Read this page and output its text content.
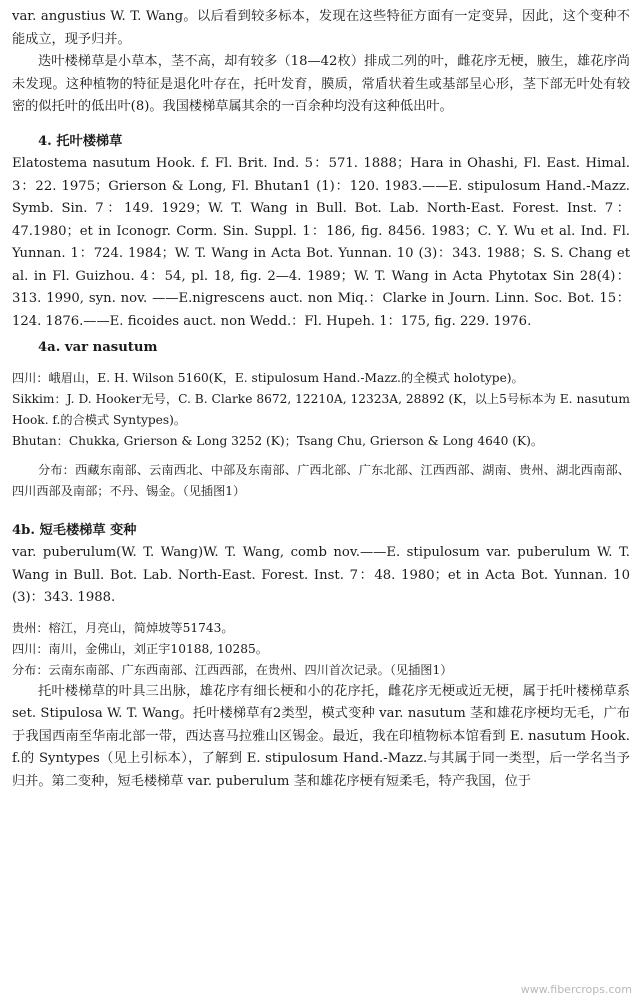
var. angustius W. T. Wang。以后看到较多标本，发现在这些特征方面有一定变异，因此，这个变种不能成立，现予归并。

迭叶楼梯草是小草本，茎不高，却有较多（18—42枚）排成二列的叶，雌花序无梗，腋生，雄花序尚未发现。这种植物的特征是退化叶存在，托叶发育，膜质，常盾状着生或基部呈心形，茎下部无叶处有较密的似托叶的低出叶(8)。我国楼梯草属其余的一百余种均没有这种低出叶。

4. 托叶楼梯草

Elatostema nasutum Hook. f. Fl. Brit. Ind. 5：571. 1888；Hara in Ohashi, Fl. East. Himal. 3：22. 1975；Grierson & Long, Fl. Bhutan1 (1)：120. 1983.——E. stipulosum Hand.-Mazz. Symb. Sin. 7：149. 1929；W. T. Wang in Bull. Bot. Lab. North-East. Forest. Inst. 7：47.1980；et in Iconogr. Corm. Sin. Suppl. 1：186, fig. 8456. 1983；C. Y. Wu et al. Ind. Fl. Yunnan. 1：724. 1984；W. T. Wang in Acta Bot. Yunnan. 10 (3)：343. 1988；S. S. Chang et al. in Fl. Guizhou. 4：54, pl. 18, fig. 2—4. 1989；W. T. Wang in Acta Phytotax Sin 28(4)：313. 1990, syn. nov. ——E.nigrescens auct. non Miq.：Clarke in Journ. Linn. Soc. Bot. 15：124. 1876.——E. ficoides auct. non Wedd.：Fl. Hupeh. 1：175, fig. 229. 1976.

4a. var nasutum

四川：峨眉山，E. H. Wilson 5160(K，E. stipulosum Hand.-Mazz.的全模式 holotype)。

Sikkim：J. D. Hooker无号，C. B. Clarke 8672, 12210A, 12323A, 28892 (K，以上5号标本为 E. nasutum Hook. f.的合模式 Syntypes)。

Bhutan：Chukka, Grierson & Long 3252 (K)；Tsang Chu, Grierson & Long 4640 (K)。

分布：西藏东南部、云南西北、中部及东南部、广西北部、广东北部、江西西部、湖南、贵州、湖北西南部、四川西部及南部；不丹、锡金。（见插图1）

4b. 短毛楼梯草 变种

var. puberulum(W. T. Wang)W. T. Wang, comb nov.——E. stipulosum var. puberulum W. T. Wang in Bull. Bot. Lab. North-East. Forest. Inst. 7：48. 1980；et in Acta Bot. Yunnan. 10 (3)：343. 1988.

贵州：榕江，月亮山，简焯坡等51743。

四川：南川，金佛山，刘正宇10188, 10285。

分布：云南东南部、广东西南部、江西西部，在贵州、四川首次记录。（见插图1）

托叶楼梯草的叶具三出脉，雄花序有细长梗和小的花序托，雌花序无梗或近无梗，属于托叶楼梯草系 set. Stipulosa W. T. Wang。托叶楼梯草有2类型，模式变种 var. nasutum 茎和雄花序梗均无毛，广布于我国西南至华南北部一带，西达喜马拉雅山区锡金。最近，我在印植物标本馆看到 E. nasutum Hook. f.的 Syntypes（见上引标本），了解到 E. stipulosum Hand.-Mazz.与其属于同一类型，后一学名当予归并。第二变种，短毛楼梯草 var. puberulum 茎和雄花序梗有短柔毛，特产我国，位于

www.fibercrops.com
